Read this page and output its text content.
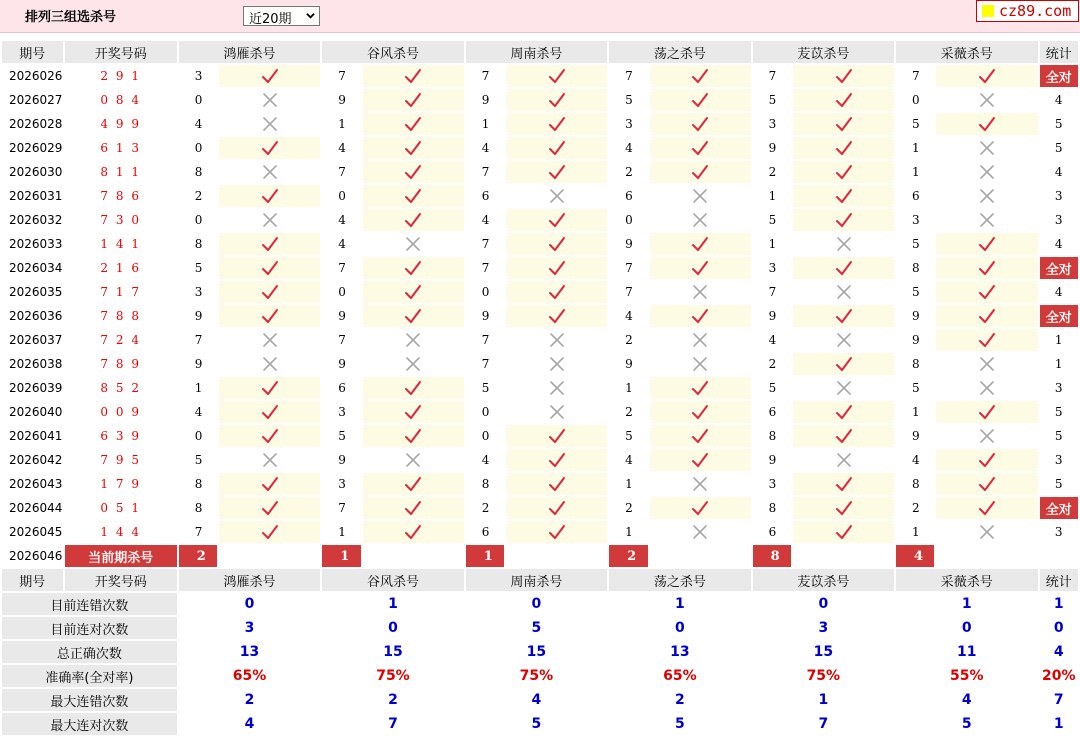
排列三组选杀号	近20期	cz89.com
期号	开奖号码	鸿雁杀号		谷风杀号		周南杀号		荡之杀号		苃苡杀号		采薇杀号		统计
2026026	2 9 1	3		7		7		7		7		7		全对
2026027	0 8 4	0		9		9		5		5		0		4
2026028	4 9 9	4		1		1		3		3		5		5
2026029	6 1 3	0		4		4		4		9		1		5
2026030	8 1 1	8		7		7		2		2		1		4
2026031	7 8 6	2		0		6		6		1		6		3
2026032	7 3 0	0		4		4		0		5		3		3
2026033	1 4 1	8		4		7		9		1		5		4
2026034	2 1 6	5		7		7		7		3		8		全对
2026035	7 1 7	3		0		0		7		7		5		4
2026036	7 8 8	9		9		9		4		9		9		全对
2026037	7 2 4	7		7		7		2		4		9		1
2026038	7 8 9	9		9		7		9		2		8		1
2026039	8 5 2	1		6		5		1		5		5		3
2026040	0 0 9	4		3		0		2		6		1		5
2026041	6 3 9	0		5		0		5		8		9		5
2026042	7 9 5	5		9		4		4		9		4		3
2026043	1 7 9	8		3		8		1		3		8		5
2026044	0 5 1	8		7		2		2		8		2		全对
2026045	1 4 4	7		1		6		1		6		1		3
2026046	当前期杀号	2		1		1		2		8		4		
期号	开奖号码	鸿雁杀号		谷风杀号		周南杀号		荡之杀号		苃苡杀号		采薇杀号		统计
目前连错次数		0		1		0		1		0		1		1
目前连对次数		3		0		5		0		3		0		0
总正确次数		13		15		15		13		15		11		4
准确率(全对率)		65%		75%		75%		65%		75%		55%		20%
最大连错次数		2		2		4		2		1		4		7
最大连对次数		4		7		5		5		7		5		1
